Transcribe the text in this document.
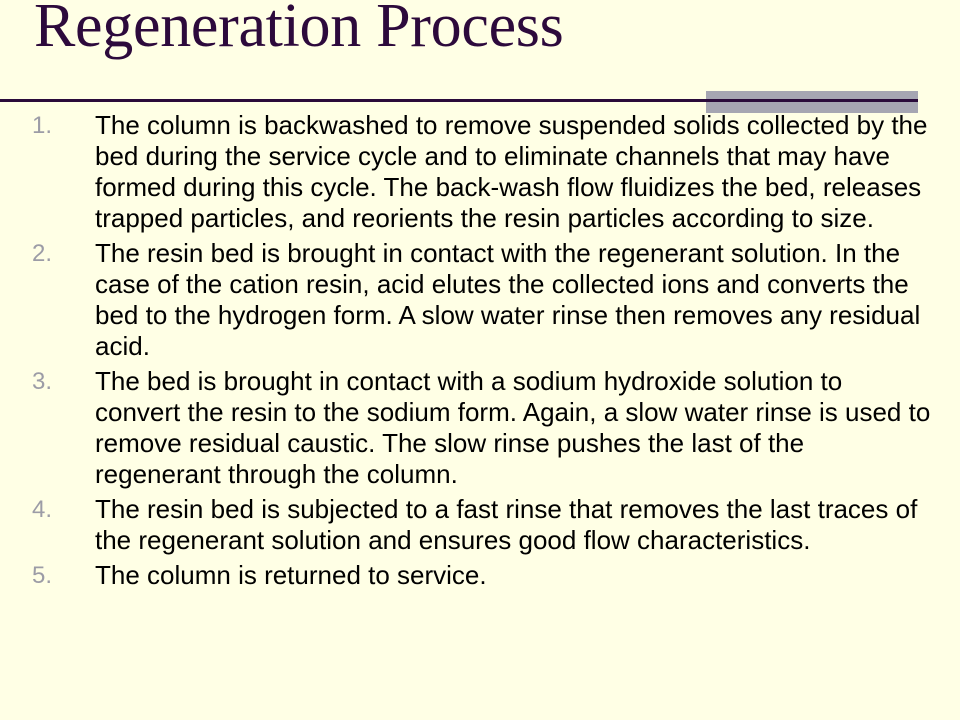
Regeneration Process
1. The column is backwashed to remove suspended solids collected by the bed during the service cycle and to eliminate channels that may have formed during this cycle. The back-wash flow fluidizes the bed, releases trapped particles, and reorients the resin particles according to size.
2. The resin bed is brought in contact with the regenerant solution. In the case of the cation resin, acid elutes the collected ions and converts the bed to the hydrogen form. A slow water rinse then removes any residual acid.
3. The bed is brought in contact with a sodium hydroxide solution to convert the resin to the sodium form. Again, a slow water rinse is used to remove residual caustic. The slow rinse pushes the last of the regenerant through the column.
4. The resin bed is subjected to a fast rinse that removes the last traces of the regenerant solution and ensures good flow characteristics.
5. The column is returned to service.
